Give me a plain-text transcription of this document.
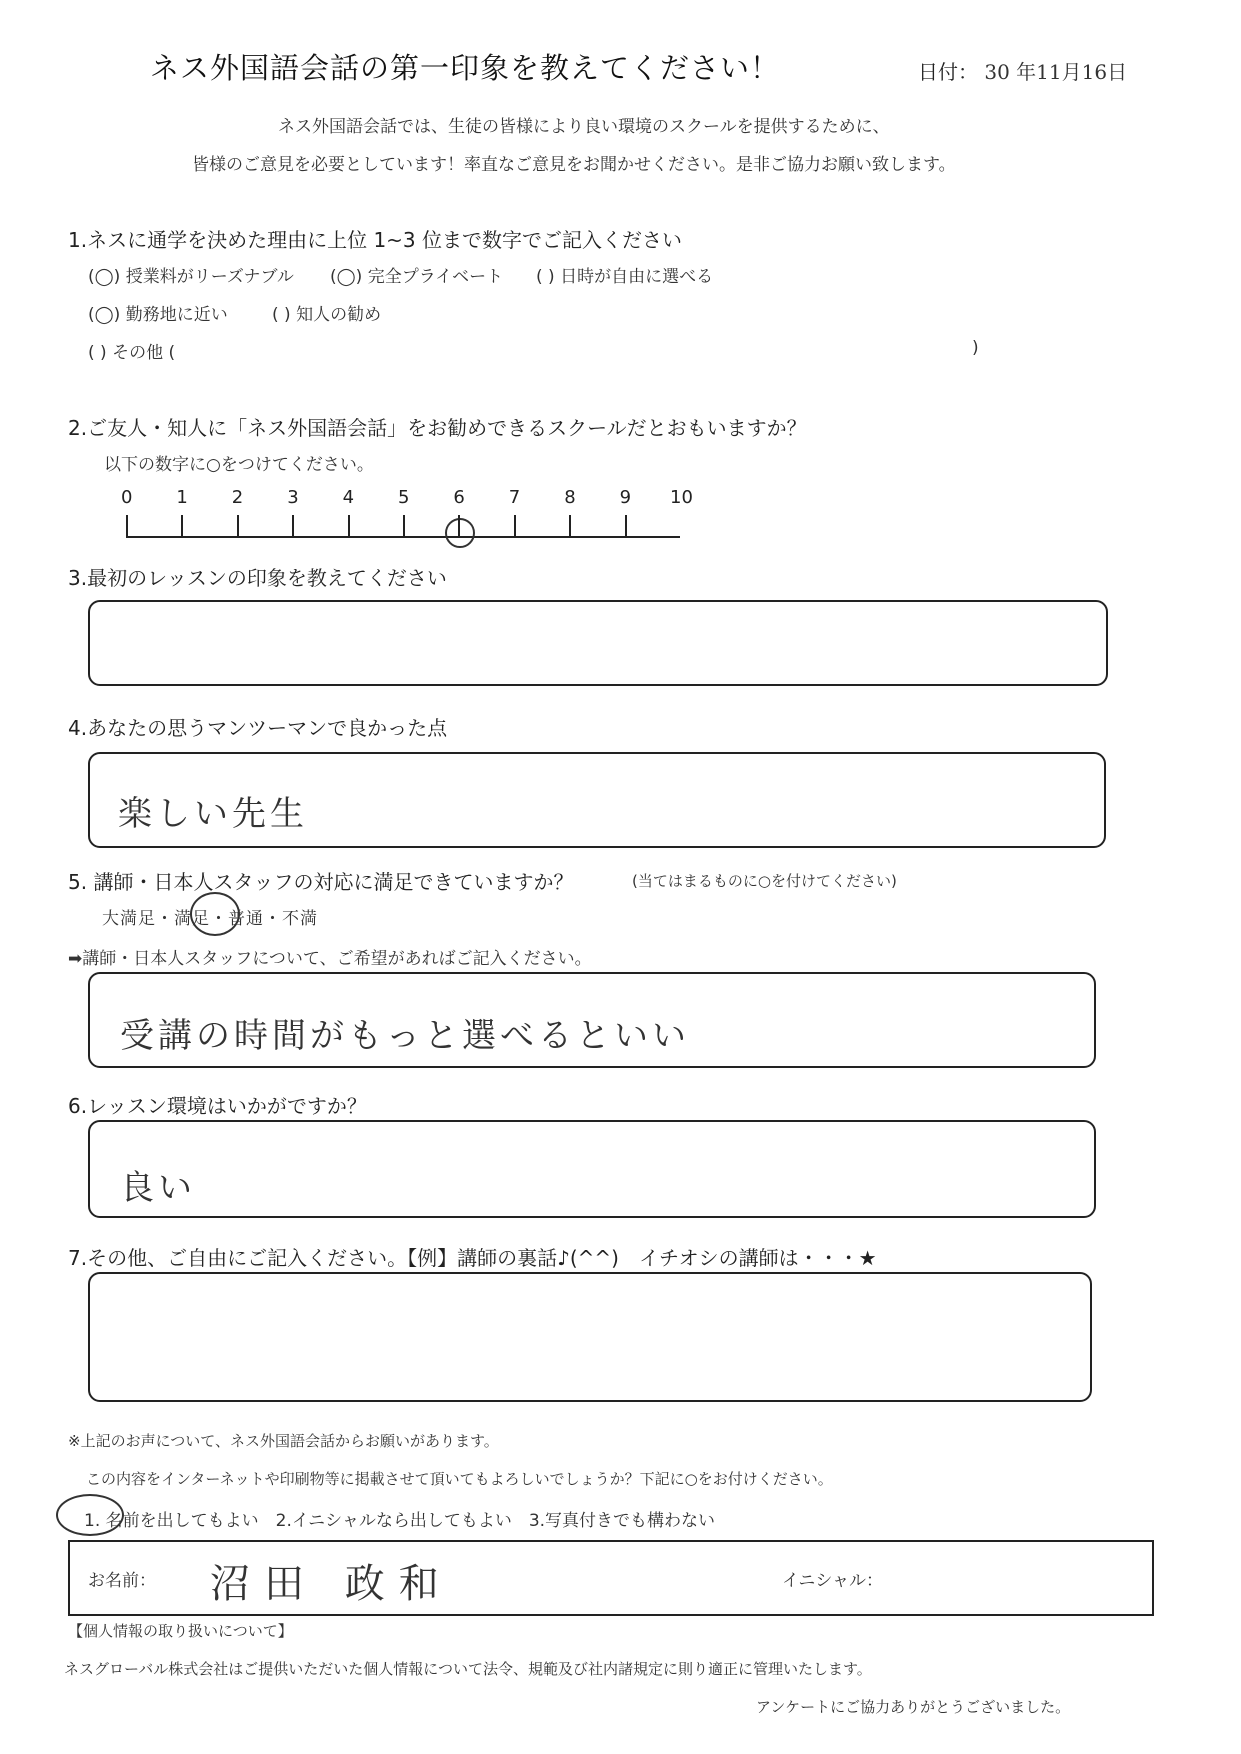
ネス外国語会話の第一印象を教えてください！	日付： 30 年11月16日
ネス外国語会話では、生徒の皆様により良い環境のスクールを提供するために、
皆様のご意見を必要としています！率直なご意見をお聞かせください。是非ご協力お願い致します。
1.ネスに通学を決めた理由に上位 1~3 位まで数字でご記入ください
(◯) 授業料がリーズナブル (◯) 完全プライベート ( ) 日時が自由に選べる
(◯) 勤務地に近い	( ) 知人の勧め
( ) その他 (	)
2.ご友人・知人に「ネス外国語会話」をお勧めできるスクールだとおもいますか？
以下の数字に○をつけてください。
0 1 2 3 4 5 6 7 8 9 10
3.最初のレッスンの印象を教えてください
4.あなたの思うマンツーマンで良かった点
楽しい先生
5. 講師・日本人スタッフの対応に満足できていますか？	(当てはまるものに○を付けてください)
大満足・満足・普通・不満
➡講師・日本人スタッフについて、ご希望があればご記入ください。
受講の時間がもっと選べるといい
6.レッスン環境はいかがですか？
良い
7.その他、ご自由にご記入ください。【例】講師の裏話♪(^^)　イチオシの講師は・・・★
※上記のお声について、ネス外国語会話からお願いがあります。
この内容をインターネットや印刷物等に掲載させて頂いてもよろしいでしょうか？下記に○をお付けください。
1. 名前を出してもよい　2.イニシャルなら出してもよい　3.写真付きでも構わない
お名前： 沼田 政和	イニシャル：
【個人情報の取り扱いについて】
ネスグローバル株式会社はご提供いただいた個人情報について法令、規範及び社内諸規定に則り適正に管理いたします。
アンケートにご協力ありがとうございました。
